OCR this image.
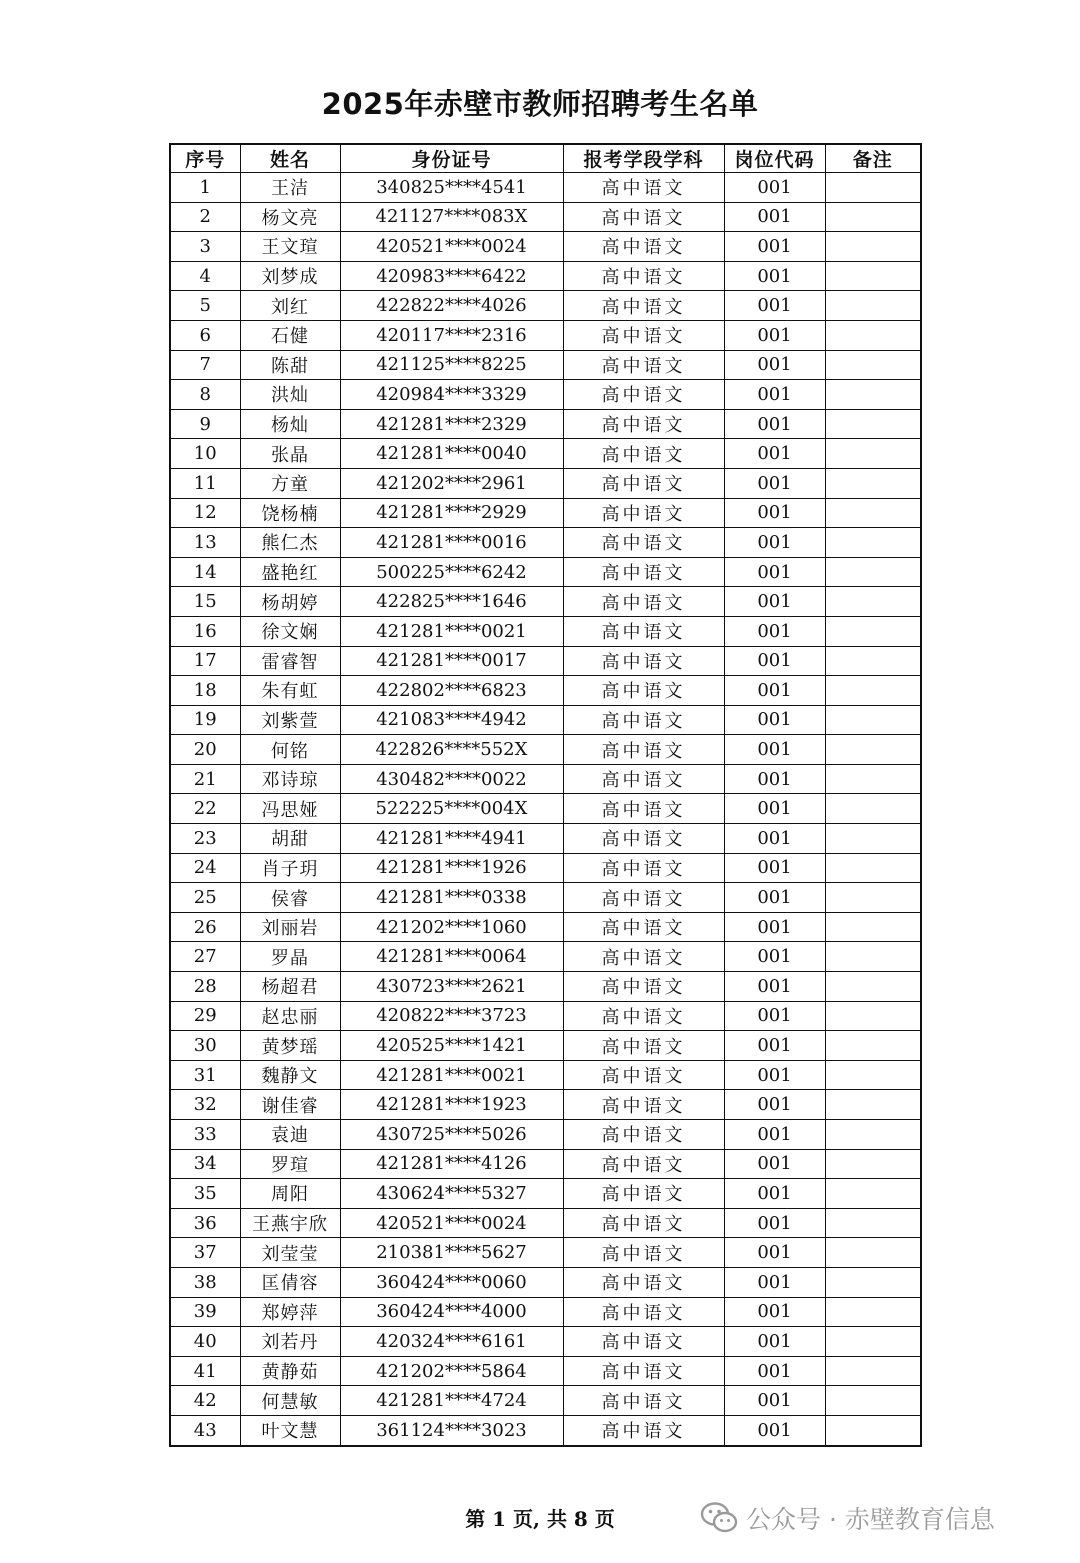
2025年赤壁市教师招聘考生名单
序号	姓名	身份证号	报考学段学科	岗位代码	备注
1	王洁	340825****4541	高中语文	001	
2	杨文亮	421127****083X	高中语文	001	
3	王文瑄	420521****0024	高中语文	001	
4	刘梦成	420983****6422	高中语文	001	
5	刘红	422822****4026	高中语文	001	
6	石健	420117****2316	高中语文	001	
7	陈甜	421125****8225	高中语文	001	
8	洪灿	420984****3329	高中语文	001	
9	杨灿	421281****2329	高中语文	001	
10	张晶	421281****0040	高中语文	001	
11	方童	421202****2961	高中语文	001	
12	饶杨楠	421281****2929	高中语文	001	
13	熊仁杰	421281****0016	高中语文	001	
14	盛艳红	500225****6242	高中语文	001	
15	杨胡婷	422825****1646	高中语文	001	
16	徐文娴	421281****0021	高中语文	001	
17	雷睿智	421281****0017	高中语文	001	
18	朱有虹	422802****6823	高中语文	001	
19	刘紫萱	421083****4942	高中语文	001	
20	何铭	422826****552X	高中语文	001	
21	邓诗琼	430482****0022	高中语文	001	
22	冯思娅	522225****004X	高中语文	001	
23	胡甜	421281****4941	高中语文	001	
24	肖子玥	421281****1926	高中语文	001	
25	侯睿	421281****0338	高中语文	001	
26	刘丽岩	421202****1060	高中语文	001	
27	罗晶	421281****0064	高中语文	001	
28	杨超君	430723****2621	高中语文	001	
29	赵忠丽	420822****3723	高中语文	001	
30	黄梦瑶	420525****1421	高中语文	001	
31	魏静文	421281****0021	高中语文	001	
32	谢佳睿	421281****1923	高中语文	001	
33	袁迪	430725****5026	高中语文	001	
34	罗瑄	421281****4126	高中语文	001	
35	周阳	430624****5327	高中语文	001	
36	王燕宇欣	420521****0024	高中语文	001	
37	刘莹莹	210381****5627	高中语文	001	
38	匡倩容	360424****0060	高中语文	001	
39	郑婷萍	360424****4000	高中语文	001	
40	刘若丹	420324****6161	高中语文	001	
41	黄静茹	421202****5864	高中语文	001	
42	何慧敏	421281****4724	高中语文	001	
43	叶文慧	361124****3023	高中语文	001	
第 1 页, 共 8 页	公众号 · 赤壁教育信息
